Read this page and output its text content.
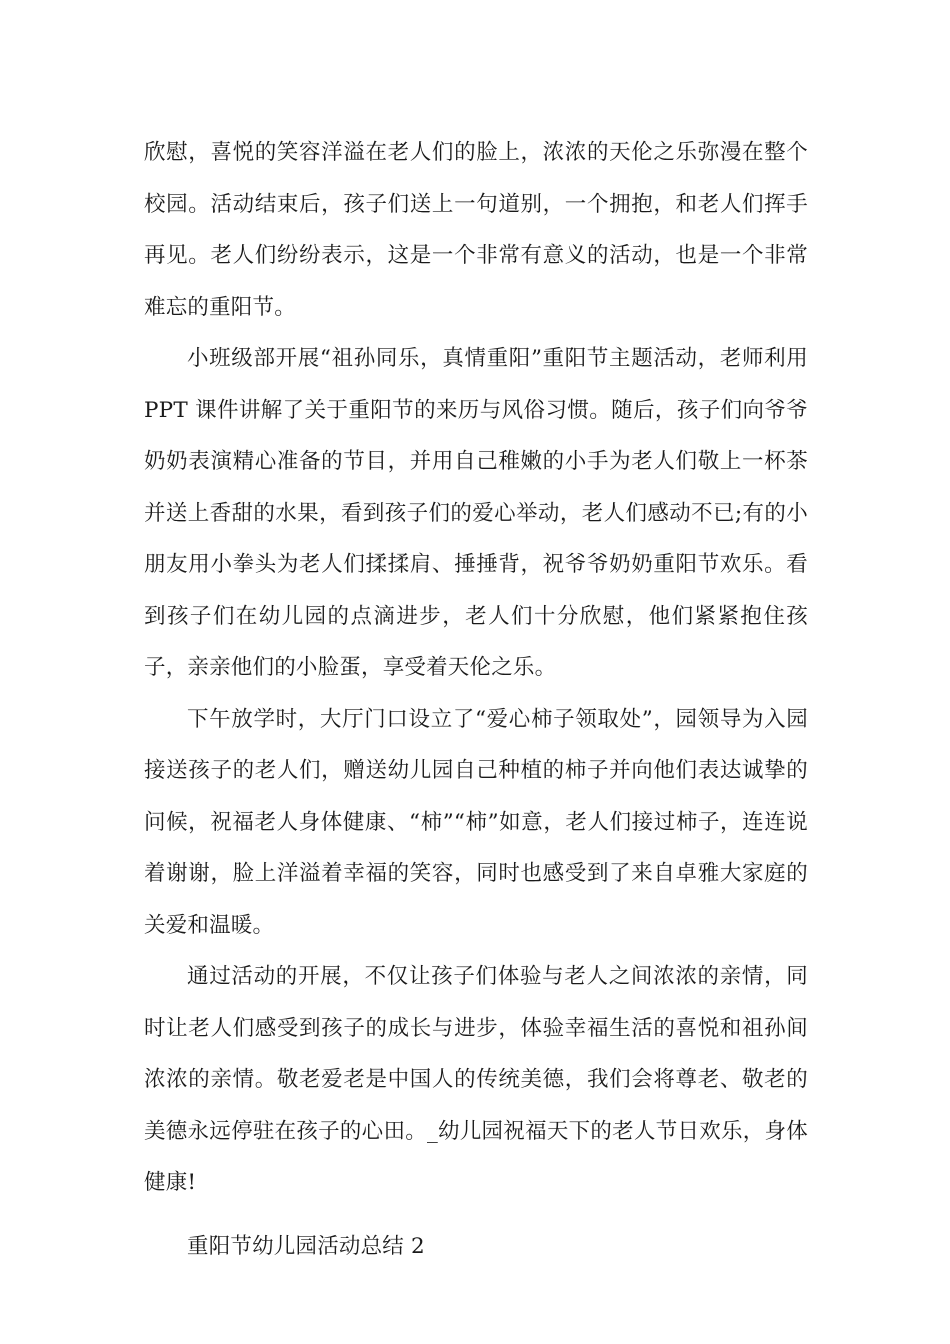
欣慰，喜悦的笑容洋溢在老人们的脸上，浓浓的天伦之乐弥漫在整个校园。活动结束后，孩子们送上一句道别，一个拥抱，和老人们挥手再见。老人们纷纷表示，这是一个非常有意义的活动，也是一个非常难忘的重阳节。

小班级部开展“祖孙同乐，真情重阳”重阳节主题活动，老师利用 PPT 课件讲解了关于重阳节的来历与风俗习惯。随后，孩子们向爷爷奶奶表演精心准备的节目，并用自己稚嫩的小手为老人们敬上一杯茶并送上香甜的水果，看到孩子们的爱心举动，老人们感动不已;有的小朋友用小拳头为老人们揉揉肩、捶捶背，祝爷爷奶奶重阳节欢乐。看到孩子们在幼儿园的点滴进步，老人们十分欣慰，他们紧紧抱住孩子，亲亲他们的小脸蛋，享受着天伦之乐。

下午放学时，大厅门口设立了“爱心柿子领取处”，园领导为入园接送孩子的老人们，赠送幼儿园自己种植的柿子并向他们表达诚挚的问候，祝福老人身体健康、“柿”“柿”如意，老人们接过柿子，连连说着谢谢，脸上洋溢着幸福的笑容，同时也感受到了来自卓雅大家庭的关爱和温暖。

通过活动的开展，不仅让孩子们体验与老人之间浓浓的亲情，同时让老人们感受到孩子的成长与进步，体验幸福生活的喜悦和祖孙间浓浓的亲情。敬老爱老是中国人的传统美德，我们会将尊老、敬老的美德永远停驻在孩子的心田。_幼儿园祝福天下的老人节日欢乐，身体健康!

重阳节幼儿园活动总结 2
